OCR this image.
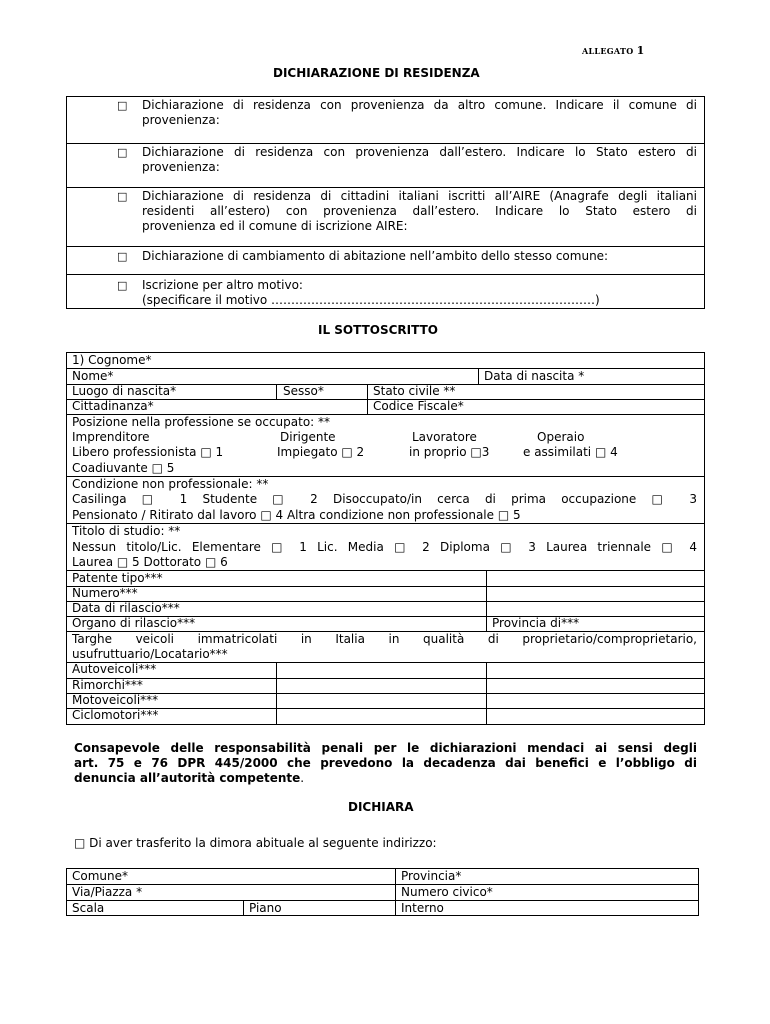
ALLEGATO 1
DICHIARAZIONE DI RESIDENZA
□ Dichiarazione di residenza con provenienza da altro comune. Indicare il comune di
provenienza:
□ Dichiarazione di residenza con provenienza dall’estero. Indicare lo Stato estero di
provenienza:
□ Dichiarazione di residenza di cittadini italiani iscritti all’AIRE (Anagrafe degli italiani
residenti all’estero) con provenienza dall’estero. Indicare lo Stato estero di
provenienza ed il comune di iscrizione AIRE:
□ Dichiarazione di cambiamento di abitazione nell’ambito dello stesso comune:
□ Iscrizione per altro motivo:
(specificare il motivo ………………………………………………………………………)
IL SOTTOSCRITTO
1) Cognome*
Nome*	Data di nascita *
Luogo di nascita*	Sesso*	Stato civile **
Cittadinanza*	Codice Fiscale*
Posizione nella professione se occupato: **
Imprenditore	Dirigente	Lavoratore	Operaio
Libero professionista □ 1	Impiegato □ 2	in proprio □3	e assimilati □ 4
Coadiuvante □ 5
Condizione non professionale: **
Casilinga □ 1 Studente □ 2 Disoccupato/in cerca di prima occupazione □ 3
Pensionato / Ritirato dal lavoro □ 4 Altra condizione non professionale □ 5
Titolo di studio: **
Nessun titolo/Lic. Elementare □ 1 Lic. Media □ 2 Diploma □ 3 Laurea triennale □ 4
Laurea □ 5 Dottorato □ 6
Patente tipo***
Numero***
Data di rilascio***
Organo di rilascio***	Provincia di***
Targhe veicoli immatricolati in Italia in qualità di proprietario/comproprietario,
usufruttuario/Locatario***
Autoveicoli***
Rimorchi***
Motoveicoli***
Ciclomotori***
Consapevole delle responsabilità penali per le dichiarazioni mendaci ai sensi degli
art. 75 e 76 DPR 445/2000 che prevedono la decadenza dai benefici e l’obbligo di
denuncia all’autorità competente.
DICHIARA
□ Di aver trasferito la dimora abituale al seguente indirizzo:
Comune*	Provincia*
Via/Piazza *	Numero civico*
Scala	Piano	Interno
